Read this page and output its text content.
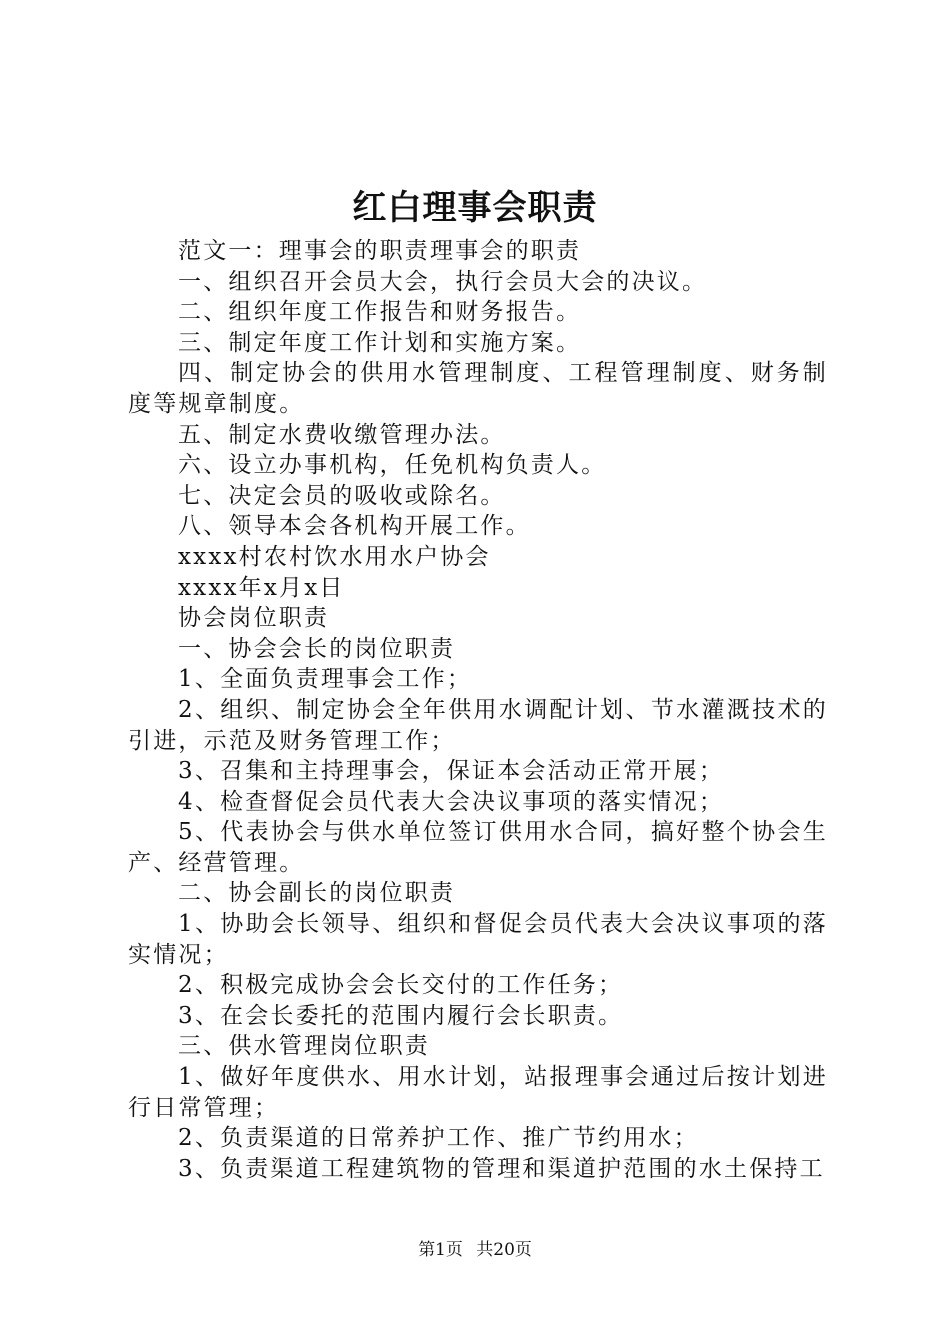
红白理事会职责

范文一：理事会的职责理事会的职责

一、组织召开会员大会，执行会员大会的决议。

二、组织年度工作报告和财务报告。

三、制定年度工作计划和实施方案。

四、制定协会的供用水管理制度、工程管理制度、财务制度等规章制度。

五、制定水费收缴管理办法。

六、设立办事机构，任免机构负责人。

七、决定会员的吸收或除名。

八、领导本会各机构开展工作。

xxxx村农村饮水用水户协会

xxxx年x月x日

协会岗位职责

一、协会会长的岗位职责

1、全面负责理事会工作；

2、组织、制定协会全年供用水调配计划、节水灌溉技术的引进，示范及财务管理工作；

3、召集和主持理事会，保证本会活动正常开展；

4、检查督促会员代表大会决议事项的落实情况；

5、代表协会与供水单位签订供用水合同，搞好整个协会生产、经营管理。

二、协会副长的岗位职责

1、协助会长领导、组织和督促会员代表大会决议事项的落实情况；

2、积极完成协会会长交付的工作任务；

3、在会长委托的范围内履行会长职责。

三、供水管理岗位职责

1、做好年度供水、用水计划，站报理事会通过后按计划进行日常管理；

2、负责渠道的日常养护工作、推广节约用水；

3、负责渠道工程建筑物的管理和渠道护范围的水土保持工

第1页 共20页
